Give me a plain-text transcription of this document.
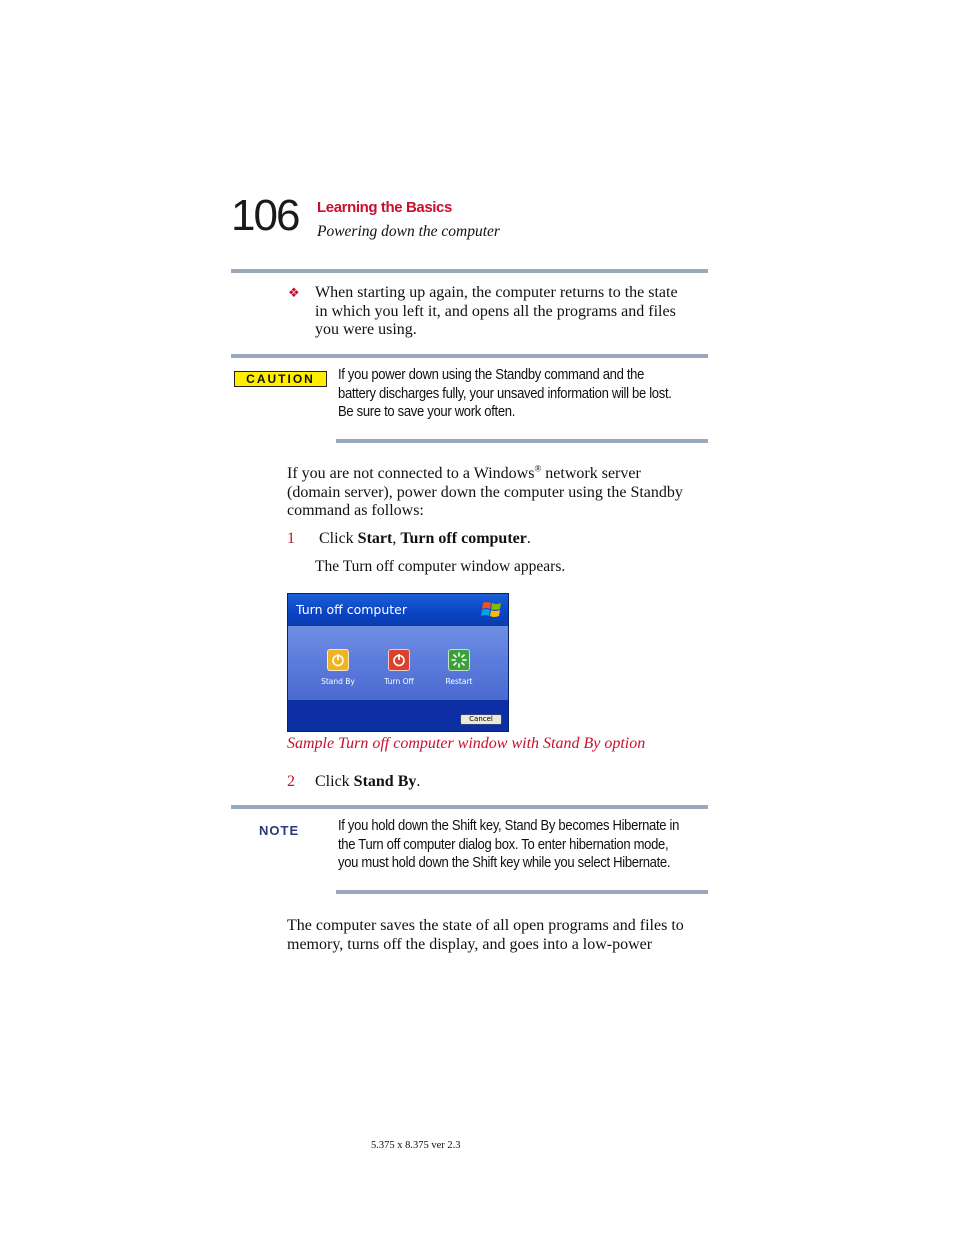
106 Learning the Basics
Powering down the computer
❖ When starting up again, the computer returns to the state
in which you left it, and opens all the programs and files
you were using.
CAUTION	If you power down using the Standby command and the
battery discharges fully, your unsaved information will be lost.
Be sure to save your work often.
If you are not connected to a Windows® network server
(domain server), power down the computer using the Standby
command as follows:
1 Click Start, Turn off computer.
The Turn off computer window appears.
Turn off computer
Stand By	Turn Off	Restart
Cancel
Sample Turn off computer window with Stand By option
2 Click Stand By.
NOTE	If you hold down the Shift key, Stand By becomes Hibernate in
the Turn off computer dialog box. To enter hibernation mode,
you must hold down the Shift key while you select Hibernate.
The computer saves the state of all open programs and files to
memory, turns off the display, and goes into a low-power
5.375 x 8.375 ver 2.3
